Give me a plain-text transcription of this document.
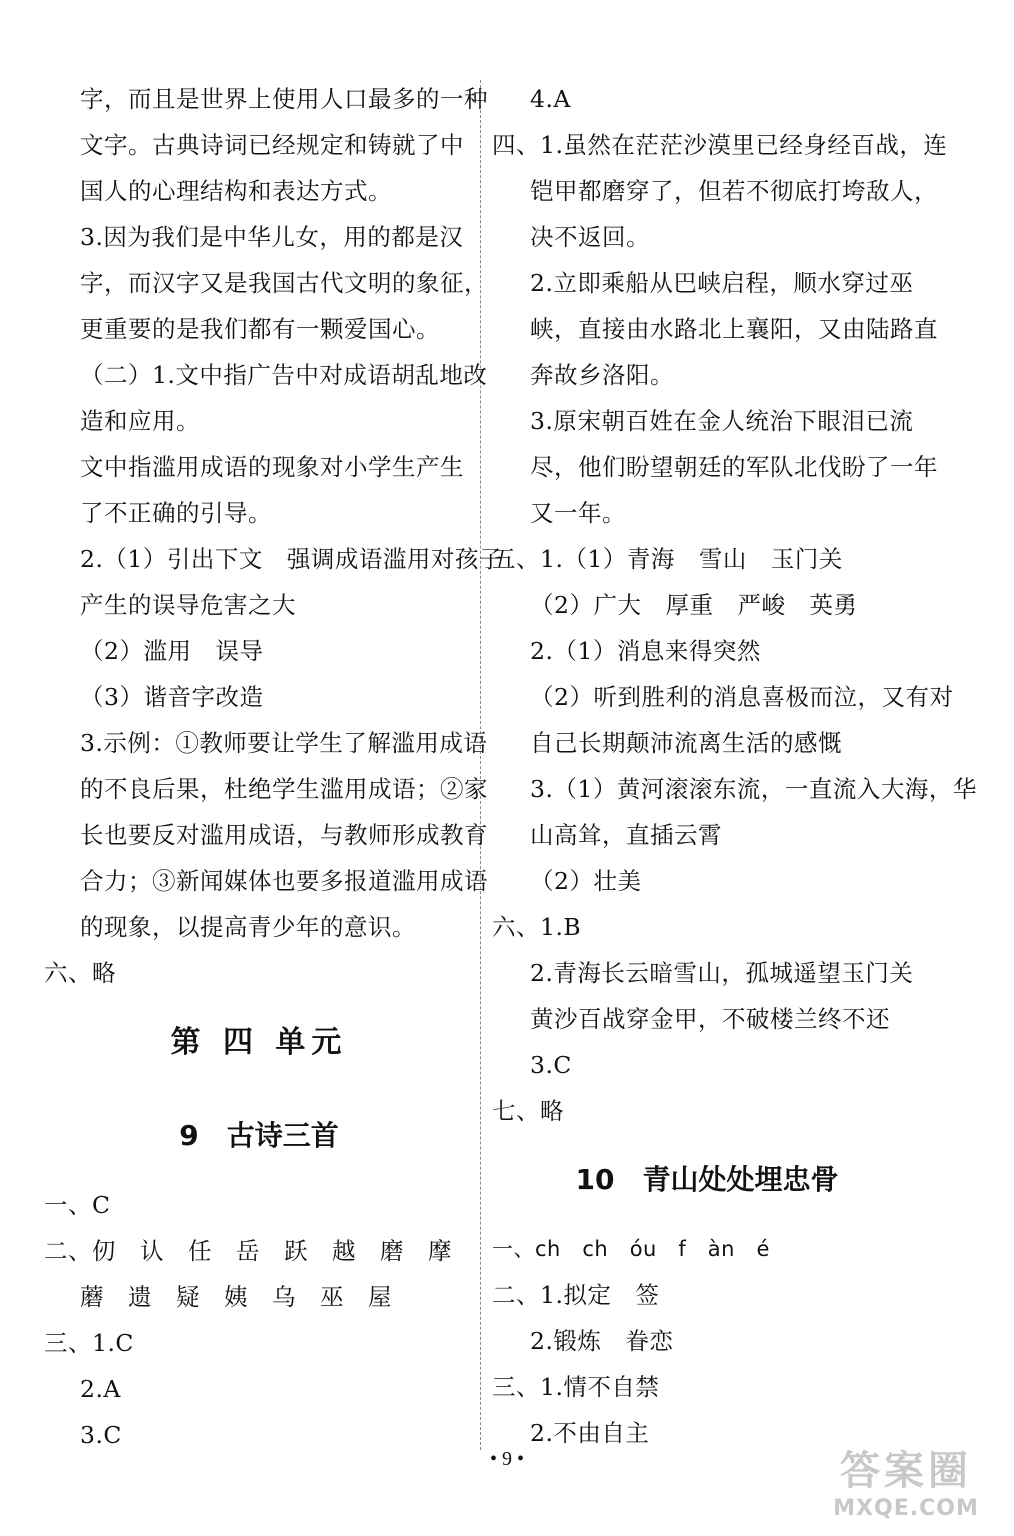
字，而且是世界上使用人口最多的一种
文字。古典诗词已经规定和铸就了中
国人的心理结构和表达方式。
3.因为我们是中华儿女，用的都是汉
字，而汉字又是我国古代文明的象征，
更重要的是我们都有一颗爱国心。
（二）1.文中指广告中对成语胡乱地改
造和应用。
文中指滥用成语的现象对小学生产生
了不正确的引导。
2.（1）引出下文　强调成语滥用对孩子
产生的误导危害之大
（2）滥用　误导
（3）谐音字改造
3.示例：①教师要让学生了解滥用成语
的不良后果，杜绝学生滥用成语；②家
长也要反对滥用成语，与教师形成教育
合力；③新闻媒体也要多报道滥用成语
的现象，以提高青少年的意识。
六、略
第 四 单元
9　古诗三首
一、C
二、仞　认　任　岳　跃　越　磨　摩
蘑　遗　疑　姨　乌　巫　屋
三、1.C
2.A
3.C
4.A
四、1.虽然在茫茫沙漠里已经身经百战，连
铠甲都磨穿了，但若不彻底打垮敌人，
决不返回。
2.立即乘船从巴峡启程，顺水穿过巫
峡，直接由水路北上襄阳，又由陆路直
奔故乡洛阳。
3.原宋朝百姓在金人统治下眼泪已流
尽，他们盼望朝廷的军队北伐盼了一年
又一年。
五、1.（1）青海　雪山　玉门关
（2）广大　厚重　严峻　英勇
2.（1）消息来得突然
（2）听到胜利的消息喜极而泣，又有对
自己长期颠沛流离生活的感慨
3.（1）黄河滚滚东流，一直流入大海，华
山高耸，直插云霄
（2）壮美
六、1.B
2.青海长云暗雪山，孤城遥望玉门关
黄沙百战穿金甲，不破楼兰终不还
3.C
七、略
10　青山处处埋忠骨
一、ch　ch　óu　f　àn　é
二、1.拟定　签
2.锻炼　眷恋
三、1.情不自禁
2.不由自主
• 9 •	答案圈
MXQE.COM
